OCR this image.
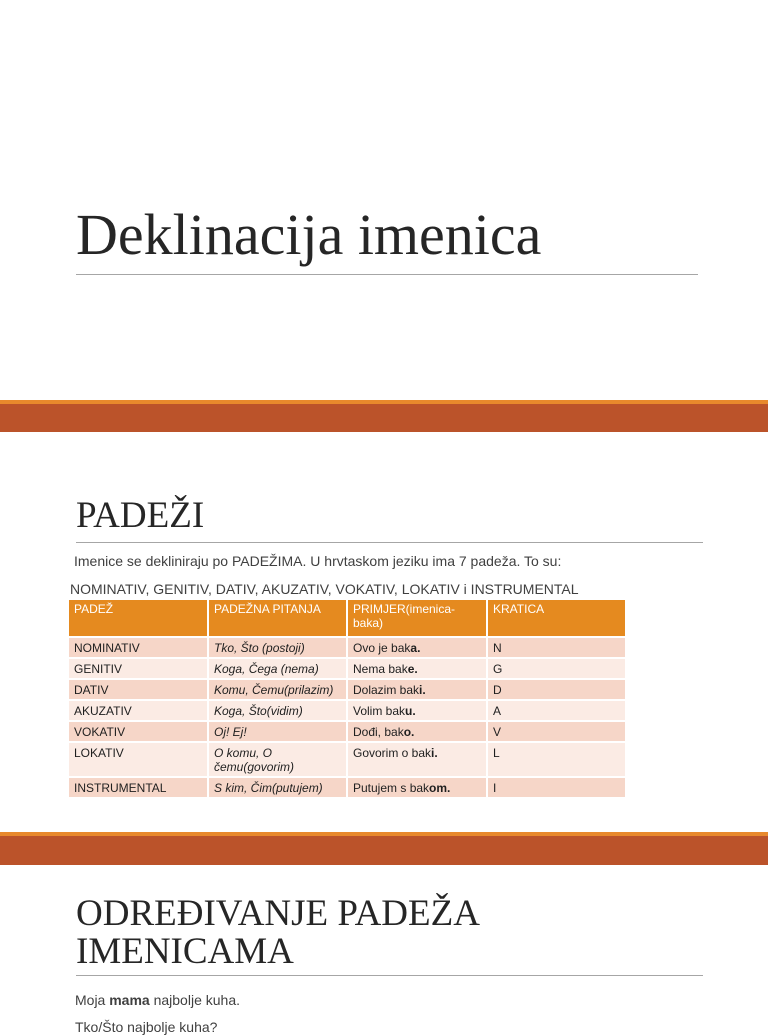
Deklinacija imenica
PADEŽI
Imenice se dekliniraju po PADEŽIMA. U hrvtaskom jeziku ima 7 padeža. To su:
NOMINATIV, GENITIV, DATIV, AKUZATIV, VOKATIV, LOKATIV i INSTRUMENTAL
PADEŽ	PADEŽNA PITANJA	PRIMJER(imenica-baka)	KRATICA
NOMINATIV	Tko, Što (postoji)	Ovo je baka.	N
GENITIV	Koga, Čega (nema)	Nema bake.	G
DATIV	Komu, Čemu(prilazim)	Dolazim baki.	D
AKUZATIV	Koga, Što(vidim)	Volim baku.	A
VOKATIV	Oj! Ej!	Dođi, bako.	V
LOKATIV	O komu, O čemu(govorim)	Govorim o baki.	L
INSTRUMENTAL	S kim, Čim(putujem)	Putujem s bakom.	I
ODREĐIVANJE PADEŽA
IMENICAMA
Moja mama najbolje kuha.
Tko/Što najbolje kuha?
